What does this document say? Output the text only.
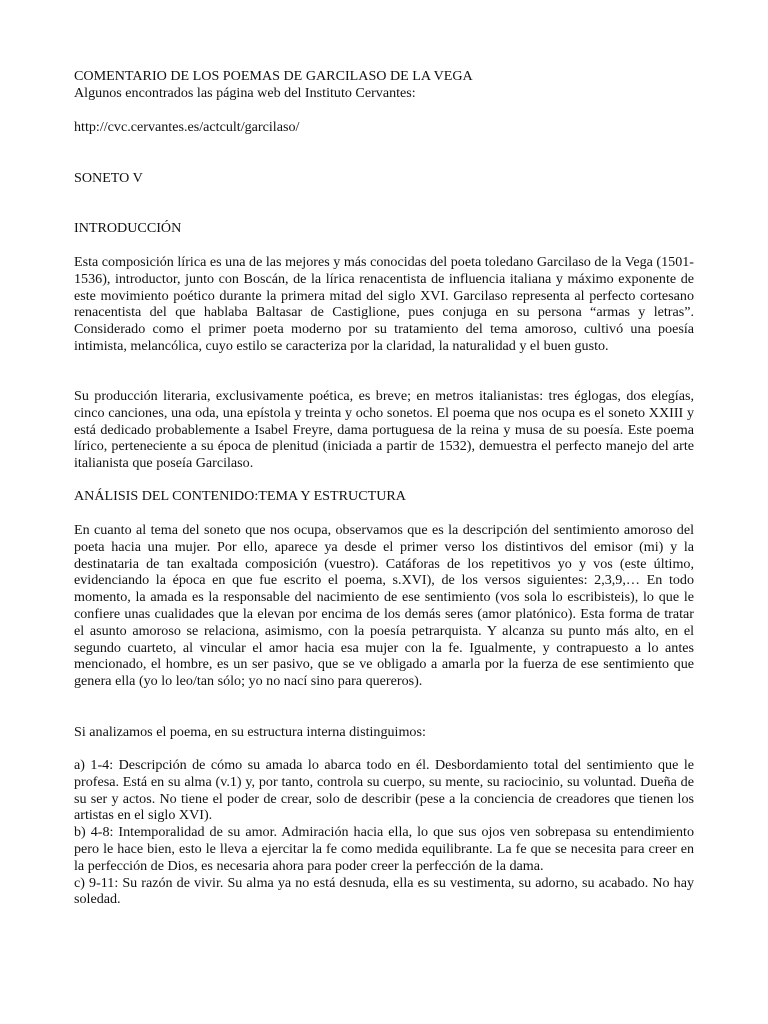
COMENTARIO DE LOS POEMAS DE GARCILASO DE LA VEGA
Algunos encontrados las página web del Instituto Cervantes:

http://cvc.cervantes.es/actcult/garcilaso/

SONETO V

INTRODUCCIÓN

Esta composición lírica es una de las mejores y más conocidas del poeta toledano Garcilaso de la Vega (1501-1536), introductor, junto con Boscán, de la lírica renacentista de influencia italiana y máximo exponente de este movimiento poético durante la primera mitad del siglo XVI. Garcilaso representa al perfecto cortesano renacentista del que hablaba Baltasar de Castiglione, pues conjuga en su persona “armas y letras”. Considerado como el primer poeta moderno por su tratamiento del tema amoroso, cultivó una poesía intimista, melancólica, cuyo estilo se caracteriza por la claridad, la naturalidad y el buen gusto.

Su producción literaria, exclusivamente poética, es breve; en metros italianistas: tres églogas, dos elegías, cinco canciones, una oda, una epístola y treinta y ocho sonetos. El poema que nos ocupa es el soneto XXIII y está dedicado probablemente a Isabel Freyre, dama portuguesa de la reina y musa de su poesía. Este poema lírico, perteneciente a su época de plenitud (iniciada a partir de 1532), demuestra el perfecto manejo del arte italianista que poseía Garcilaso.

ANÁLISIS DEL CONTENIDO:TEMA Y ESTRUCTURA

En cuanto al tema del soneto que nos ocupa, observamos que es la descripción del sentimiento amoroso del poeta hacia una mujer. Por ello, aparece ya desde el primer verso los distintivos del emisor (mi) y la destinataria de tan exaltada composición (vuestro). Catáforas de los repetitivos yo y vos (este último, evidenciando la época en que fue escrito el poema, s.XVI), de los versos siguientes: 2,3,9,… En todo momento, la amada es la responsable del nacimiento de ese sentimiento (vos sola lo escribisteis), lo que le confiere unas cualidades que la elevan por encima de los demás seres (amor platónico). Esta forma de tratar el asunto amoroso se relaciona, asimismo, con la poesía petrarquista. Y alcanza su punto más alto, en el segundo cuarteto, al vincular el amor hacia esa mujer con la fe. Igualmente, y contrapuesto a lo antes mencionado, el hombre, es un ser pasivo, que se ve obligado a amarla por la fuerza de ese sentimiento que genera ella (yo lo leo/tan sólo; yo no nací sino para quereros).

Si analizamos el poema, en su estructura interna distinguimos:

a) 1-4: Descripción de cómo su amada lo abarca todo en él. Desbordamiento total del sentimiento que le profesa. Está en su alma (v.1) y, por tanto, controla su cuerpo, su mente, su raciocinio, su voluntad. Dueña de su ser y actos. No tiene el poder de crear, solo de describir (pese a la conciencia de creadores que tienen los artistas en el siglo XVI).

b) 4-8: Intemporalidad de su amor. Admiración hacia ella, lo que sus ojos ven sobrepasa su entendimiento pero le hace bien, esto le lleva a ejercitar la fe como medida equilibrante. La fe que se necesita para creer en la perfección de Dios, es necesaria ahora para poder creer la perfección de la dama.

c) 9-11: Su razón de vivir. Su alma ya no está desnuda, ella es su vestimenta, su adorno, su acabado. No hay soledad.
